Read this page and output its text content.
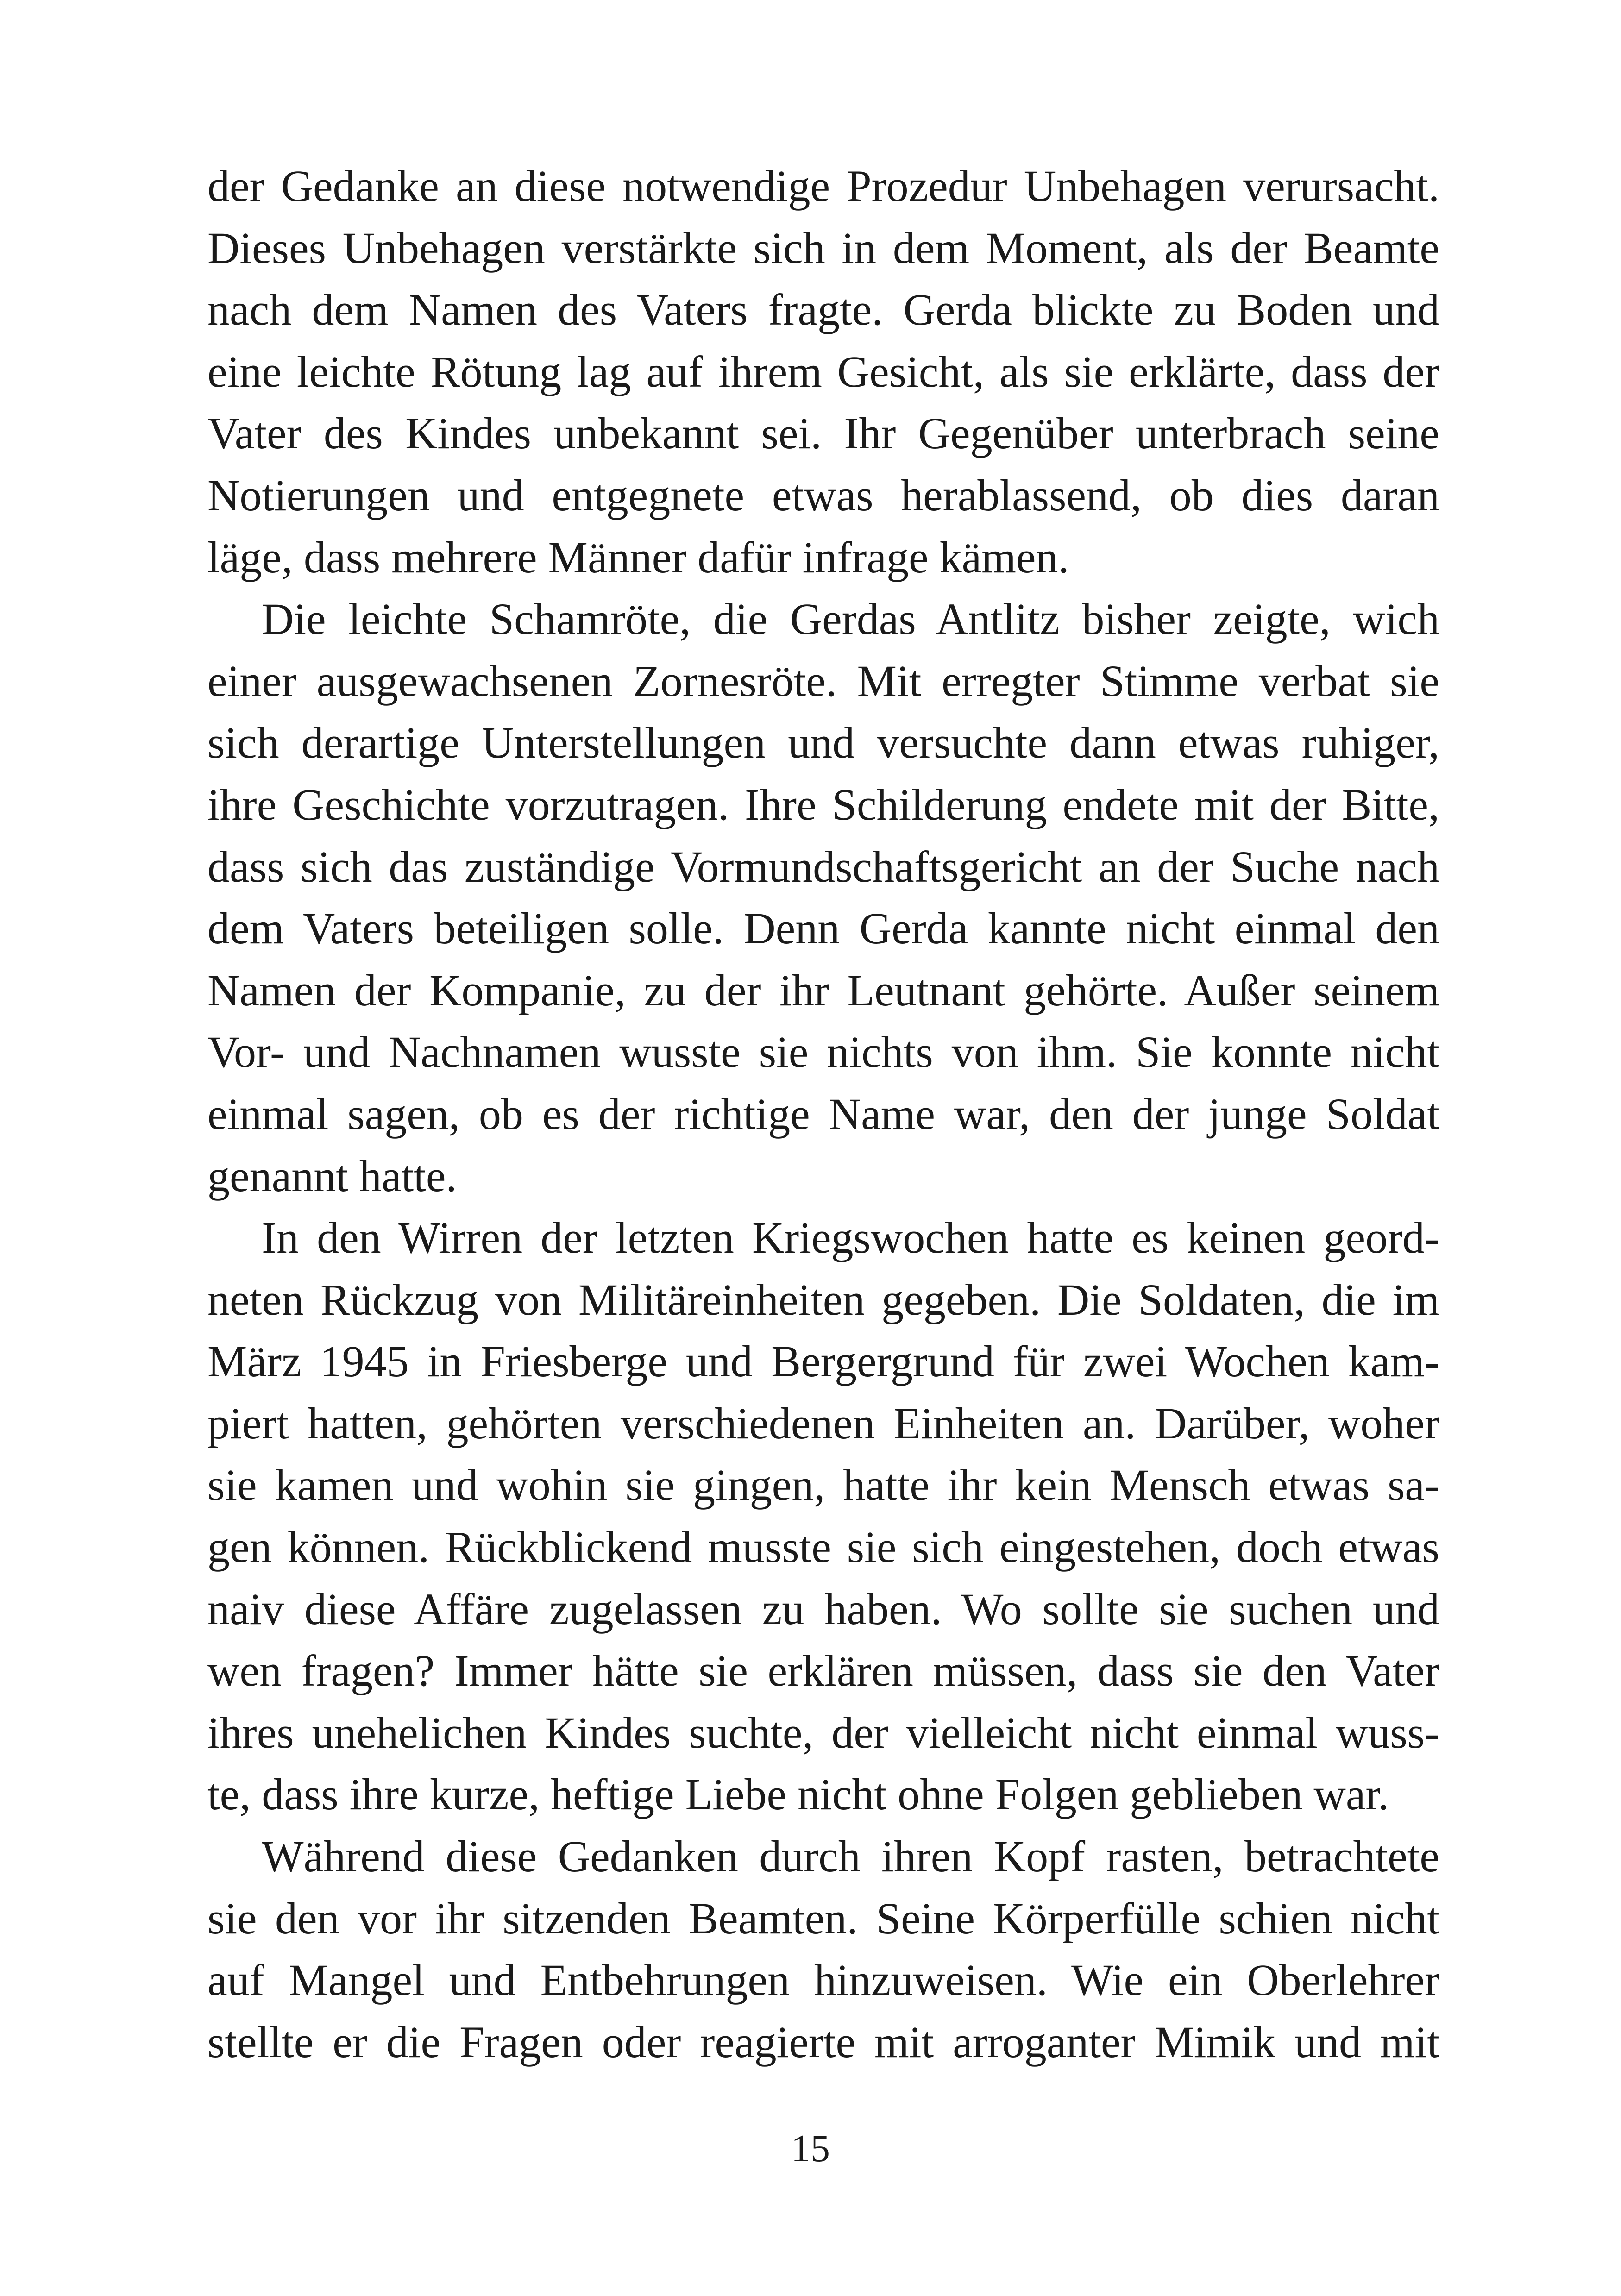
der Gedanke an diese notwendige Prozedur Unbehagen verursacht.
Dieses Unbehagen verstärkte sich in dem Moment, als der Beamte
nach dem Namen des Vaters fragte. Gerda blickte zu Boden und
eine leichte Rötung lag auf ihrem Gesicht, als sie erklärte, dass der
Vater des Kindes unbekannt sei. Ihr Gegenüber unterbrach seine
Notierungen und entgegnete etwas herablassend, ob dies daran
läge, dass mehrere Männer dafür infrage kämen.
Die leichte Schamröte, die Gerdas Antlitz bisher zeigte, wich
einer ausgewachsenen Zornesröte. Mit erregter Stimme verbat sie
sich derartige Unterstellungen und versuchte dann etwas ruhiger,
ihre Geschichte vorzutragen. Ihre Schilderung endete mit der Bitte,
dass sich das zuständige Vormundschaftsgericht an der Suche nach
dem Vaters beteiligen solle. Denn Gerda kannte nicht einmal den
Namen der Kompanie, zu der ihr Leutnant gehörte. Außer seinem
Vor- und Nachnamen wusste sie nichts von ihm. Sie konnte nicht
einmal sagen, ob es der richtige Name war, den der junge Soldat
genannt hatte.
In den Wirren der letzten Kriegswochen hatte es keinen geord-
neten Rückzug von Militäreinheiten gegeben. Die Soldaten, die im
März 1945 in Friesberge und Bergergrund für zwei Wochen kam-
piert hatten, gehörten verschiedenen Einheiten an. Darüber, woher
sie kamen und wohin sie gingen, hatte ihr kein Mensch etwas sa-
gen können. Rückblickend musste sie sich eingestehen, doch etwas
naiv diese Affäre zugelassen zu haben. Wo sollte sie suchen und
wen fragen? Immer hätte sie erklären müssen, dass sie den Vater
ihres unehelichen Kindes suchte, der vielleicht nicht einmal wuss-
te, dass ihre kurze, heftige Liebe nicht ohne Folgen geblieben war.
Während diese Gedanken durch ihren Kopf rasten, betrachtete
sie den vor ihr sitzenden Beamten. Seine Körperfülle schien nicht
auf Mangel und Entbehrungen hinzuweisen. Wie ein Oberlehrer
stellte er die Fragen oder reagierte mit arroganter Mimik und mit
15
